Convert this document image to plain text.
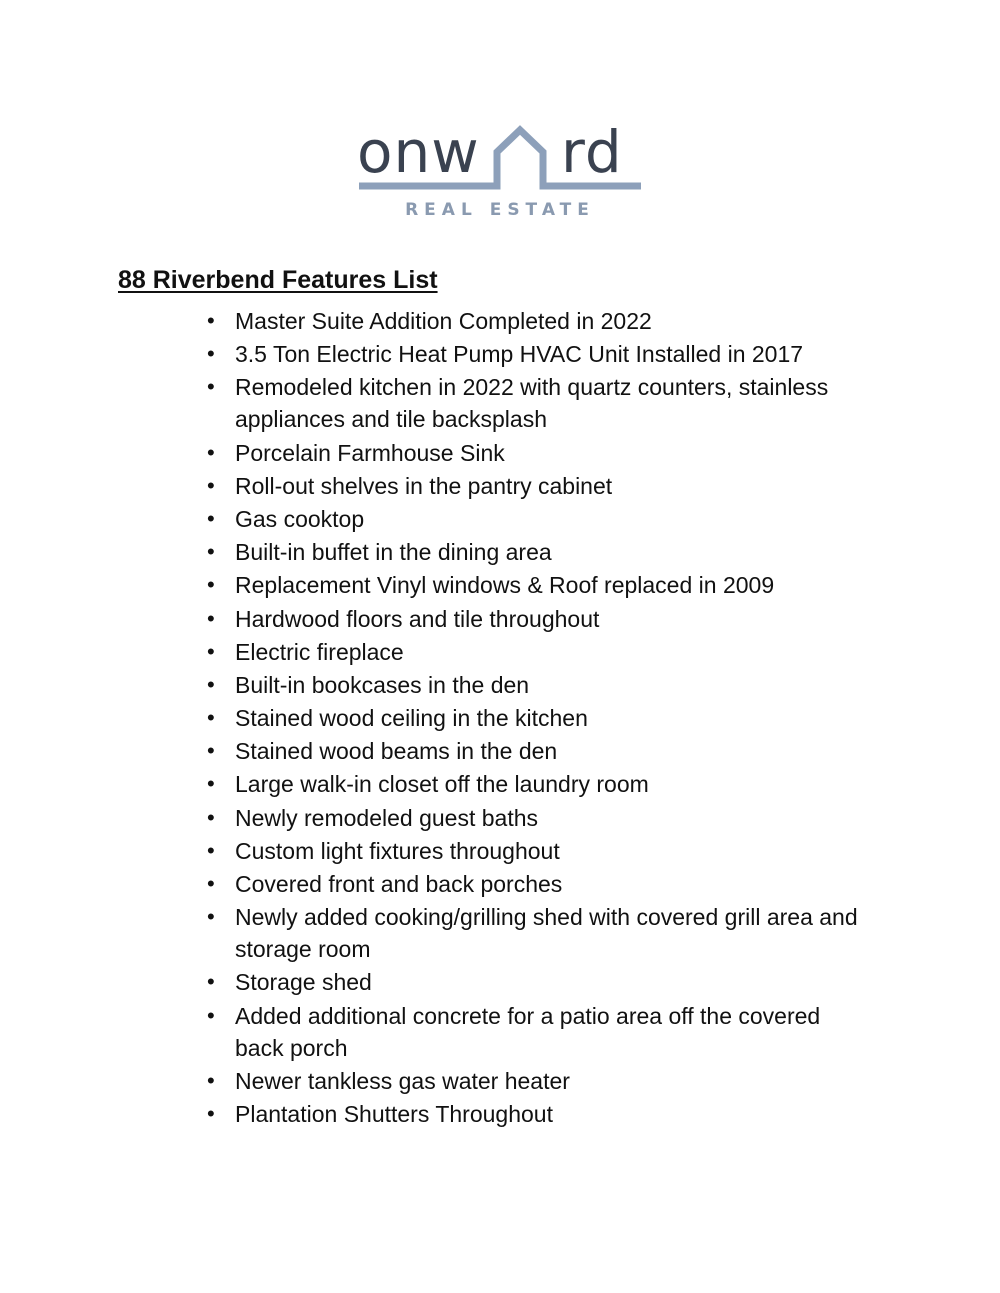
onw rd
REAL ESTATE
88 Riverbend Features List
• Master Suite Addition Completed in 2022
• 3.5 Ton Electric Heat Pump HVAC Unit Installed in 2017
• Remodeled kitchen in 2022 with quartz counters, stainless appliances and tile backsplash
• Porcelain Farmhouse Sink
• Roll-out shelves in the pantry cabinet
• Gas cooktop
• Built-in buffet in the dining area
• Replacement Vinyl windows & Roof replaced in 2009
• Hardwood floors and tile throughout
• Electric fireplace
• Built-in bookcases in the den
• Stained wood ceiling in the kitchen
• Stained wood beams in the den
• Large walk-in closet off the laundry room
• Newly remodeled guest baths
• Custom light fixtures throughout
• Covered front and back porches
• Newly added cooking/grilling shed with covered grill area and storage room
• Storage shed
• Added additional concrete for a patio area off the covered back porch
• Newer tankless gas water heater
• Plantation Shutters Throughout
